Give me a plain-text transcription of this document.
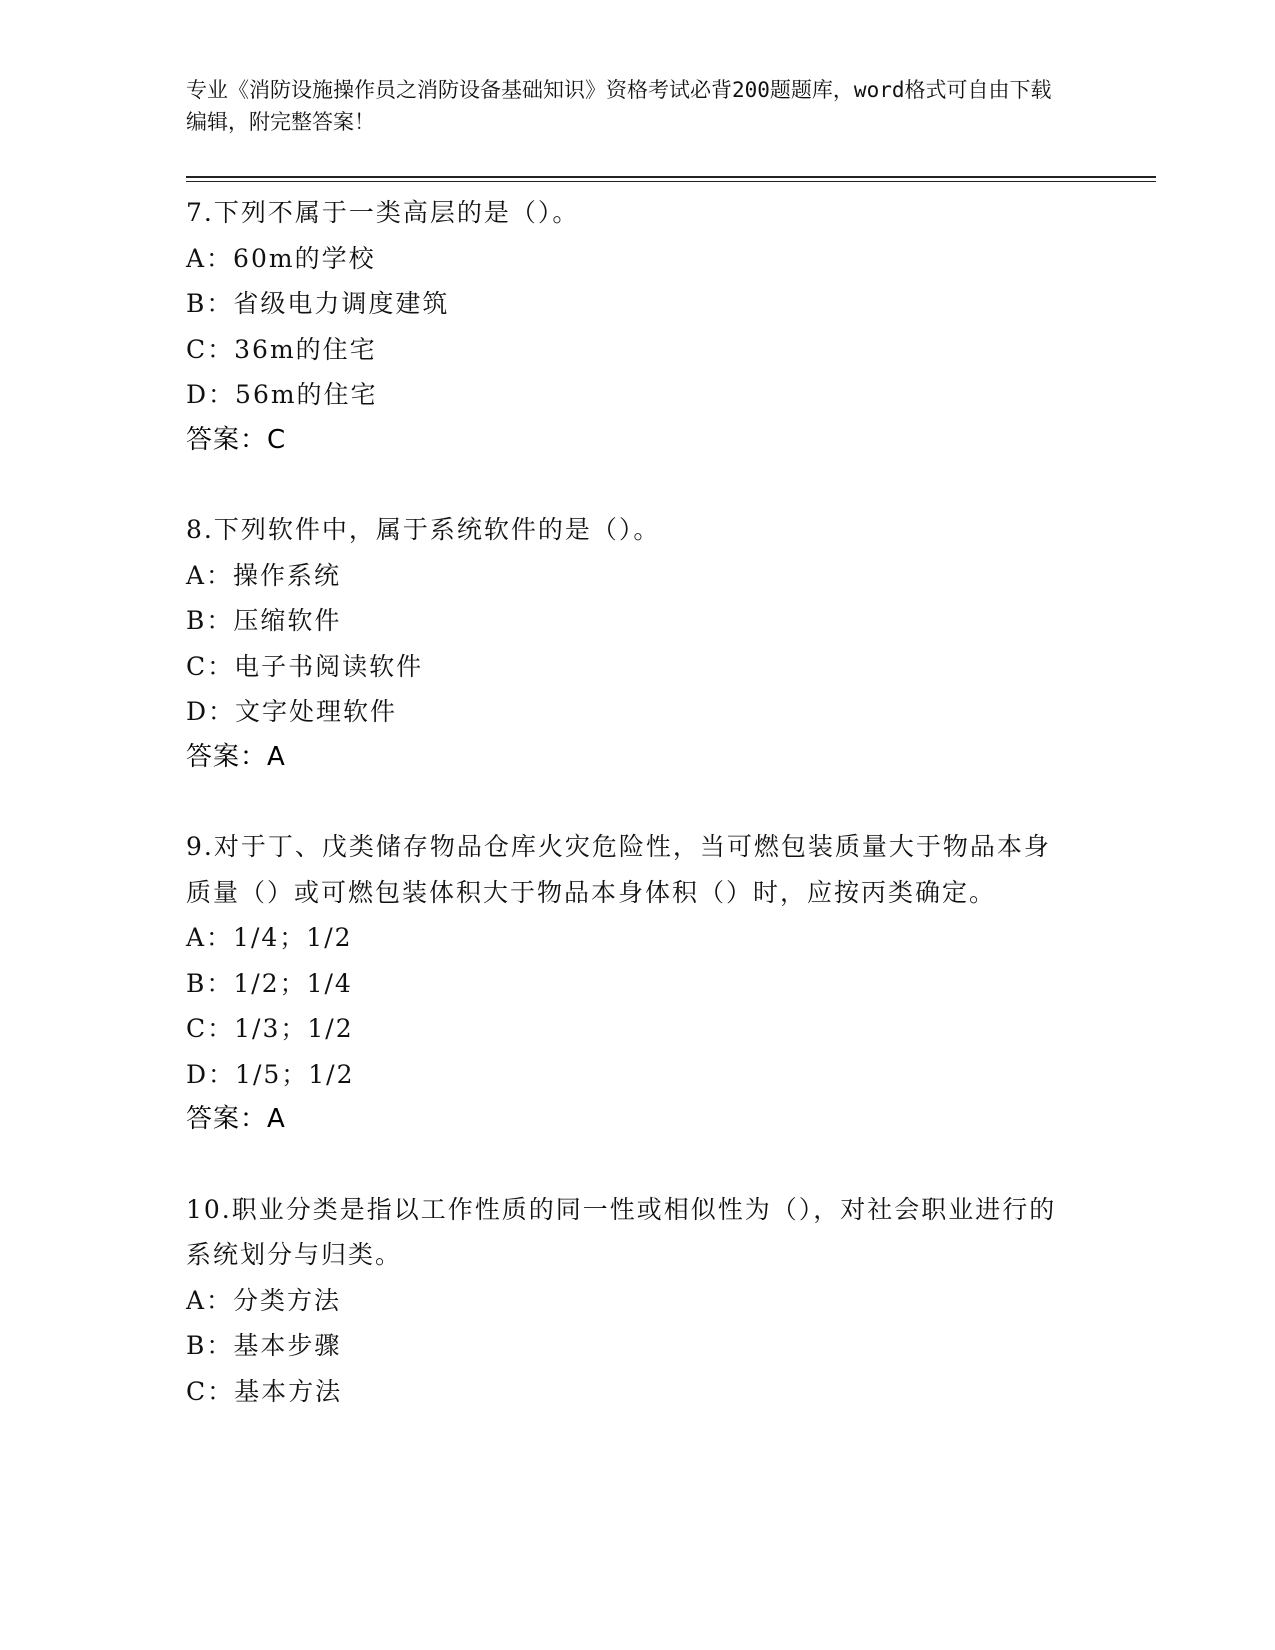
专业《消防设施操作员之消防设备基础知识》资格考试必背200题题库，word格式可自由下载编辑，附完整答案！
7.下列不属于一类高层的是（）。
A：60m的学校
B：省级电力调度建筑
C：36m的住宅
D：56m的住宅
答案：C
8.下列软件中，属于系统软件的是（）。
A：操作系统
B：压缩软件
C：电子书阅读软件
D：文字处理软件
答案：A
9.对于丁、戊类储存物品仓库火灾危险性，当可燃包装质量大于物品本身质量（）或可燃包装体积大于物品本身体积（）时，应按丙类确定。
A：1/4；1/2
B：1/2；1/4
C：1/3；1/2
D：1/5；1/2
答案：A
10.职业分类是指以工作性质的同一性或相似性为（），对社会职业进行的系统划分与归类。
A：分类方法
B：基本步骤
C：基本方法
